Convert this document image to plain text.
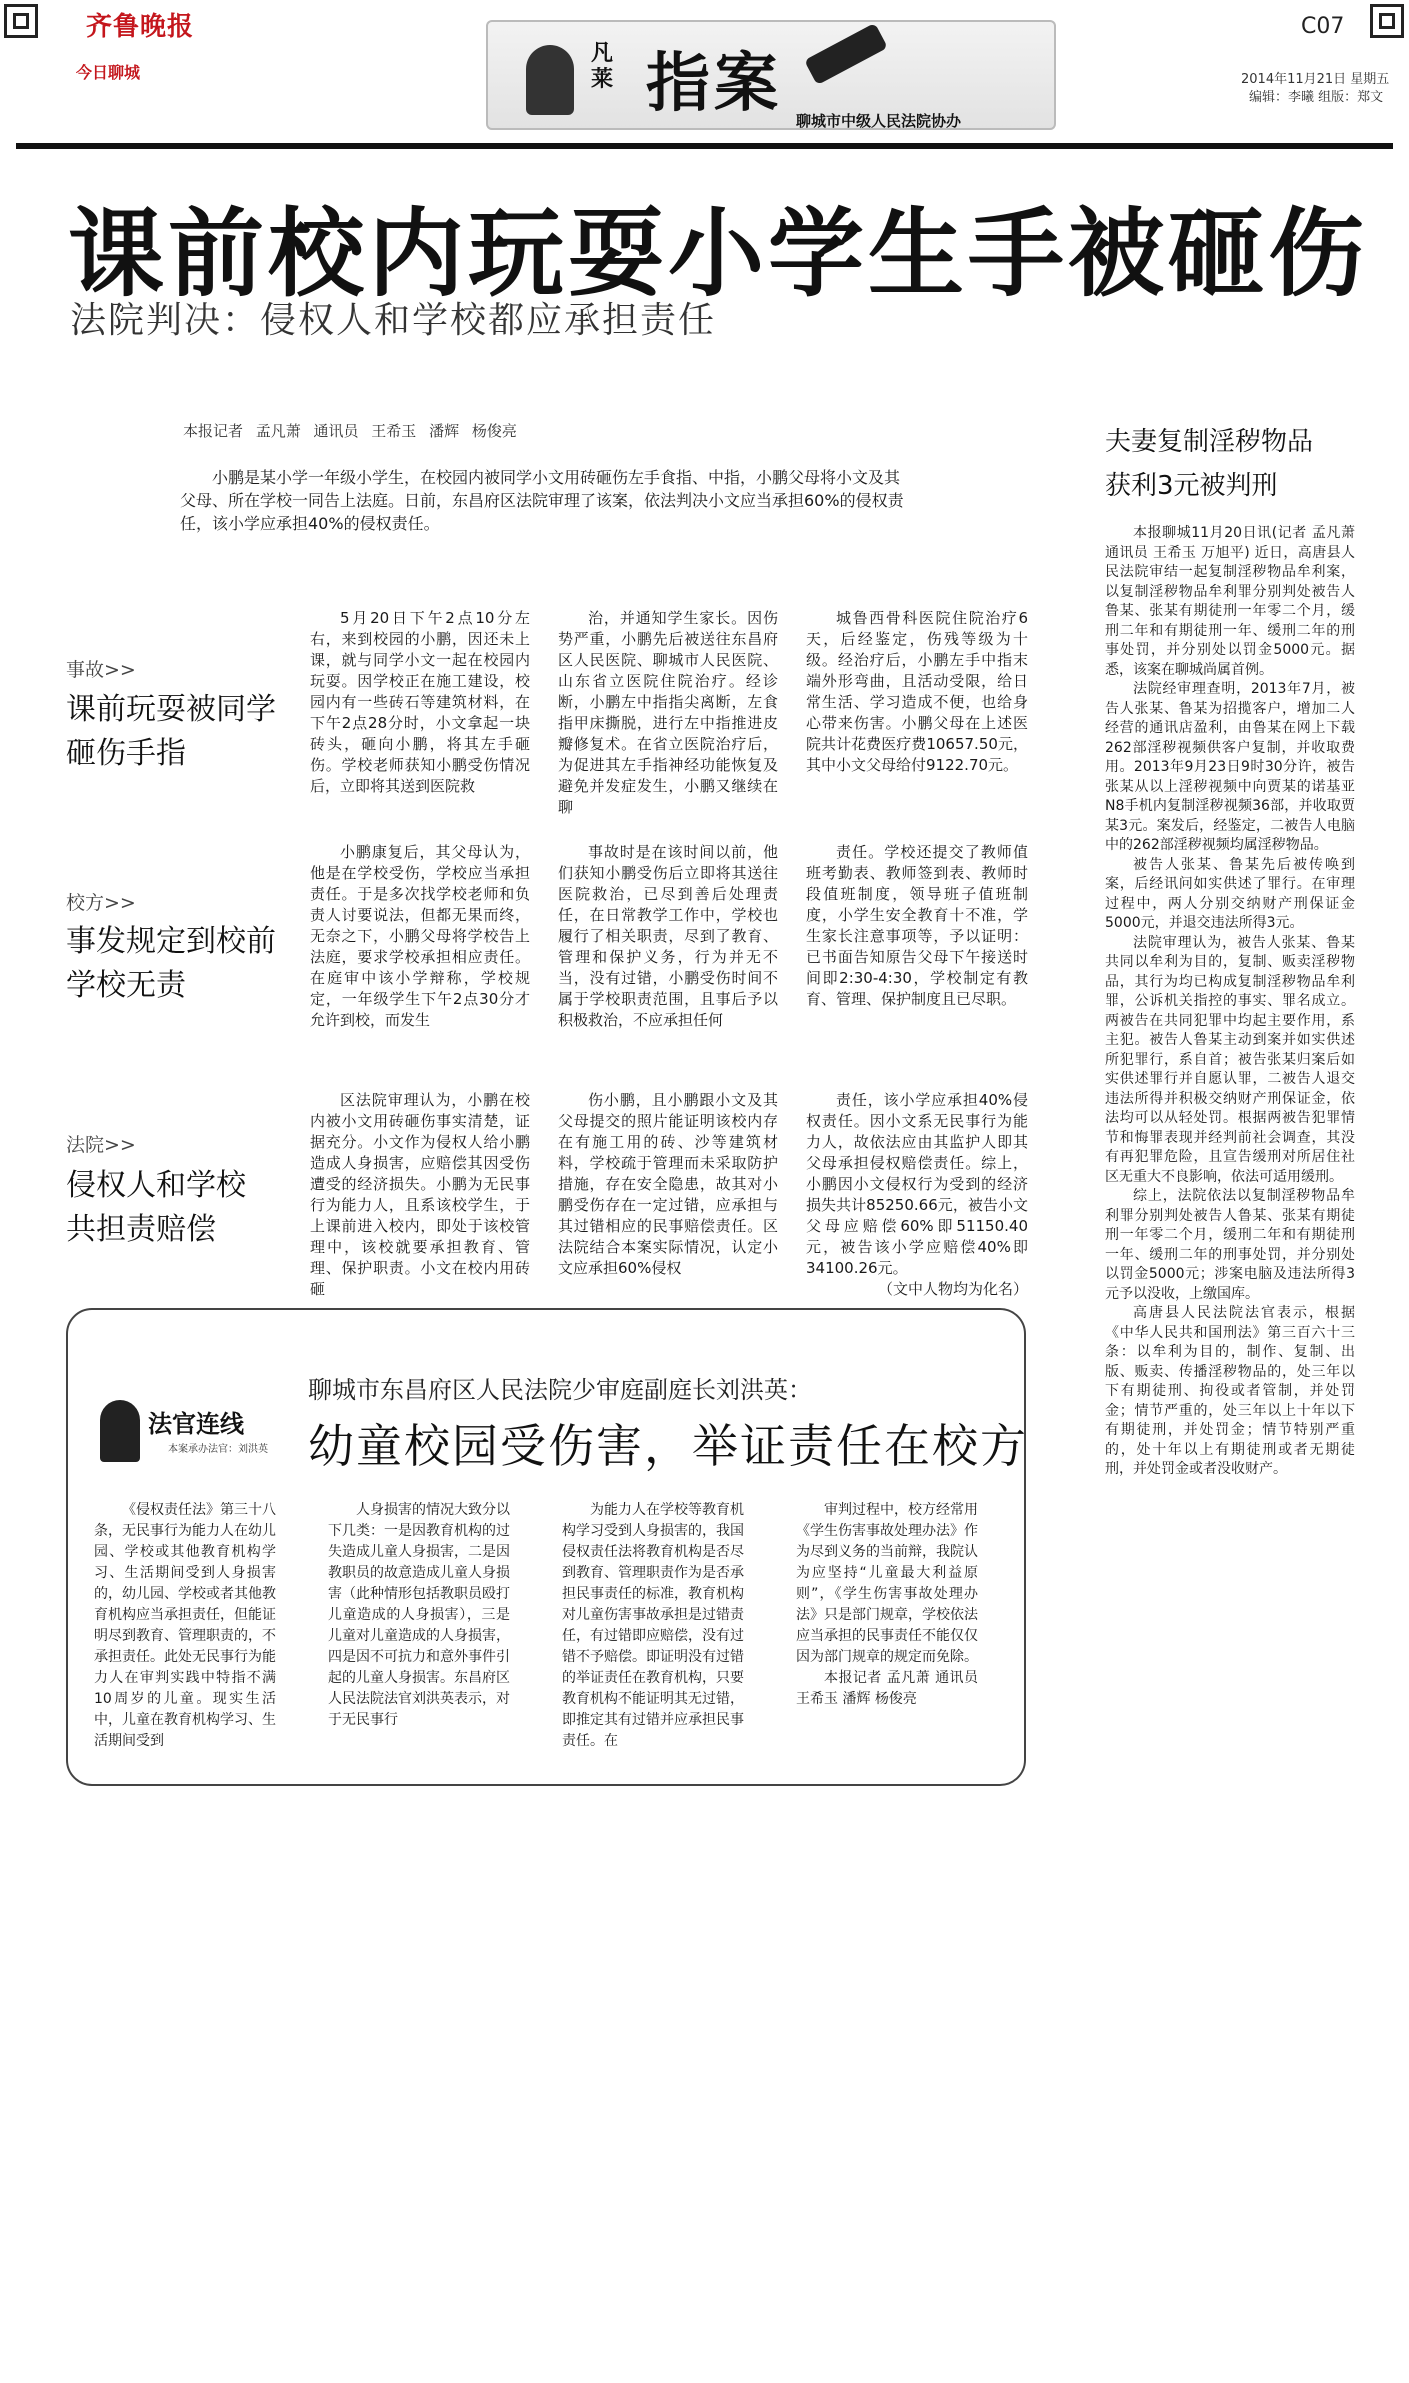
齐鲁晚报
今日聊城
凡 莱 指案 聊城市中级人民法院协办
C07
2014年11月21日 星期五
编辑：李曦 组版：郑文
课前校内玩耍小学生手被砸伤
法院判决：侵权人和学校都应承担责任
本报记者 孟凡萧 通讯员 王希玉 潘辉 杨俊亮
小鹏是某小学一年级小学生，在校园内被同学小文用砖砸伤左手食指、中指，小鹏父母将小文及其父母、所在学校一同告上法庭。日前，东昌府区法院审理了该案，依法判决小文应当承担60%的侵权责任，该小学应承担40%的侵权责任。
事故>>
课前玩耍被同学
砸伤手指

5月20日下午2点10分左右，来到校园的小鹏，因还未上课，就与同学小文一起在校园内玩耍。因学校正在施工建设，校园内有一些砖石等建筑材料，在下午2点28分时，小文拿起一块砖头，砸向小鹏，将其左手砸伤。学校老师获知小鹏受伤情况后，立即将其送到医院救

治，并通知学生家长。因伤势严重，小鹏先后被送往东昌府区人民医院、聊城市人民医院、山东省立医院住院治疗。经诊断，小鹏左中指指尖离断，左食指甲床撕脱，进行左中指推进皮瓣修复术。在省立医院治疗后，为促进其左手指神经功能恢复及避免并发症发生，小鹏又继续在聊

城鲁西骨科医院住院治疗6天，后经鉴定，伤残等级为十级。经治疗后，小鹏左手中指末端外形弯曲，且活动受限，给日常生活、学习造成不便，也给身心带来伤害。小鹏父母在上述医院共计花费医疗费10657.50元，其中小文父母给付9122.70元。

校方>>
事发规定到校前
学校无责

小鹏康复后，其父母认为，他是在学校受伤，学校应当承担责任。于是多次找学校老师和负责人讨要说法，但都无果而终，无奈之下，小鹏父母将学校告上法庭，要求学校承担相应责任。在庭审中该小学辩称，学校规定，一年级学生下午2点30分才允许到校，而发生

事故时是在该时间以前，他们获知小鹏受伤后立即将其送往医院救治，已尽到善后处理责任，在日常教学工作中，学校也履行了相关职责，尽到了教育、管理和保护义务，行为并无不当，没有过错，小鹏受伤时间不属于学校职责范围，且事后予以积极救治，不应承担任何

责任。学校还提交了教师值班考勤表、教师签到表、教师时段值班制度，领导班子值班制度，小学生安全教育十不准，学生家长注意事项等，予以证明：已书面告知原告父母下午接送时间即2:30-4:30，学校制定有教育、管理、保护制度且已尽职。

法院>>
侵权人和学校
共担责赔偿

区法院审理认为，小鹏在校内被小文用砖砸伤事实清楚，证据充分。小文作为侵权人给小鹏造成人身损害，应赔偿其因受伤遭受的经济损失。小鹏为无民事行为能力人，且系该校学生，于上课前进入校内，即处于该校管理中，该校就要承担教育、管理、保护职责。小文在校内用砖砸

伤小鹏，且小鹏跟小文及其父母提交的照片能证明该校内存在有施工用的砖、沙等建筑材料，学校疏于管理而未采取防护措施，存在安全隐患，故其对小鹏受伤存在一定过错，应承担与其过错相应的民事赔偿责任。区法院结合本案实际情况，认定小文应承担60%侵权

责任，该小学应承担40%侵权责任。因小文系无民事行为能力人，故依法应由其监护人即其父母承担侵权赔偿责任。综上，小鹏因小文侵权行为受到的经济损失共计85250.66元，被告小文父母应赔偿60%即51150.40元，被告该小学应赔偿40%即34100.26元。

（文中人物均为化名）
夫妻复制淫秽物品
获利3元被判刑

本报聊城11月20日讯(记者 孟凡萧 通讯员 王希玉 万旭平) 近日，高唐县人民法院审结一起复制淫秽物品牟利案，以复制淫秽物品牟利罪分别判处被告人鲁某、张某有期徒刑一年零二个月，缓刑二年和有期徒刑一年、缓刑二年的刑事处罚，并分别处以罚金5000元。据悉，该案在聊城尚属首例。

法院经审理查明，2013年7月，被告人张某、鲁某为招揽客户，增加二人经营的通讯店盈利，由鲁某在网上下载262部淫秽视频供客户复制，并收取费用。2013年9月23日9时30分许，被告张某从以上淫秽视频中向贾某的诺基亚N8手机内复制淫秽视频36部，并收取贾某3元。案发后，经鉴定，二被告人电脑中的262部淫秽视频均属淫秽物品。

被告人张某、鲁某先后被传唤到案，后经讯问如实供述了罪行。在审理过程中，两人分别交纳财产刑保证金5000元，并退交违法所得3元。

法院审理认为，被告人张某、鲁某共同以牟利为目的，复制、贩卖淫秽物品，其行为均已构成复制淫秽物品牟利罪，公诉机关指控的事实、罪名成立。两被告在共同犯罪中均起主要作用，系主犯。被告人鲁某主动到案并如实供述所犯罪行，系自首；被告张某归案后如实供述罪行并自愿认罪，二被告人退交违法所得并积极交纳财产刑保证金，依法均可以从轻处罚。根据两被告犯罪情节和悔罪表现并经判前社会调查，其没有再犯罪危险，且宣告缓刑对所居住社区无重大不良影响，依法可适用缓刑。

综上，法院依法以复制淫秽物品牟利罪分别判处被告人鲁某、张某有期徒刑一年零二个月，缓刑二年和有期徒刑一年、缓刑二年的刑事处罚，并分别处以罚金5000元；涉案电脑及违法所得3元予以没收，上缴国库。

高唐县人民法院法官表示，根据《中华人民共和国刑法》第三百六十三条：以牟利为目的，制作、复制、出版、贩卖、传播淫秽物品的，处三年以下有期徒刑、拘役或者管制，并处罚金；情节严重的，处三年以上十年以下有期徒刑，并处罚金；情节特别严重的，处十年以上有期徒刑或者无期徒刑，并处罚金或者没收财产。

法官连线
本案承办法官：刘洪英
聊城市东昌府区人民法院少审庭副庭长刘洪英：
幼童校园受伤害，举证责任在校方

《侵权责任法》第三十八条，无民事行为能力人在幼儿园、学校或其他教育机构学习、生活期间受到人身损害的，幼儿园、学校或者其他教育机构应当承担责任，但能证明尽到教育、管理职责的，不承担责任。此处无民事行为能力人在审判实践中特指不满10周岁的儿童。现实生活中，儿童在教育机构学习、生活期间受到

人身损害的情况大致分以下几类：一是因教育机构的过失造成儿童人身损害，二是因教职员的故意造成儿童人身损害（此种情形包括教职员殴打儿童造成的人身损害），三是儿童对儿童造成的人身损害，四是因不可抗力和意外事件引起的儿童人身损害。东昌府区人民法院法官刘洪英表示，对于无民事行

为能力人在学校等教育机构学习受到人身损害的，我国侵权责任法将教育机构是否尽到教育、管理职责作为是否承担民事责任的标准，教育机构对儿童伤害事故承担是过错责任，有过错即应赔偿，没有过错不予赔偿。即证明没有过错的举证责任在教育机构，只要教育机构不能证明其无过错，即推定其有过错并应承担民事责任。在

审判过程中，校方经常用《学生伤害事故处理办法》作为尽到义务的当前辩，我院认为应坚持“儿童最大利益原则”，《学生伤害事故处理办法》只是部门规章，学校依法应当承担的民事责任不能仅仅因为部门规章的规定而免除。

本报记者 孟凡萧 通讯员 王希玉 潘辉 杨俊亮
